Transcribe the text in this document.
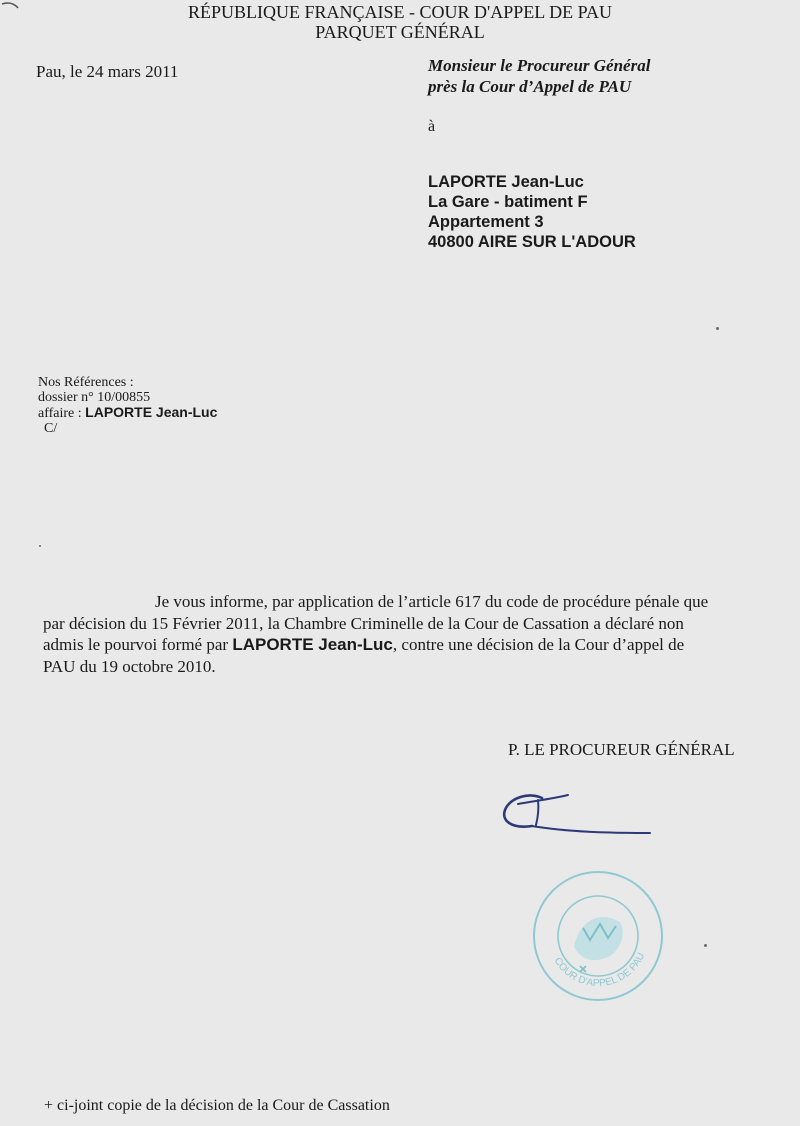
RÉPUBLIQUE FRANÇAISE - COUR D'APPEL DE PAU
PARQUET GÉNÉRAL
Pau, le 24 mars 2011	Monsieur le Procureur Général
près la Cour d’Appel de PAU
à
LAPORTE Jean-Luc
La Gare - batiment F
Appartement 3
40800 AIRE SUR L'ADOUR
Nos Références :
dossier n° 10/00855
affaire : LAPORTE Jean-Luc
C/
Je vous informe, par application de l’article 617 du code de procédure pénale que
par décision du 15 Février 2011, la Chambre Criminelle de la Cour de Cassation a déclaré non
admis le pourvoi formé par LAPORTE Jean-Luc, contre une décision de la Cour d’appel de
PAU du 19 octobre 2010.
P. LE PROCUREUR GÉNÉRAL
COUR D'APPEL DE PAU
+ ci-joint copie de la décision de la Cour de Cassation
